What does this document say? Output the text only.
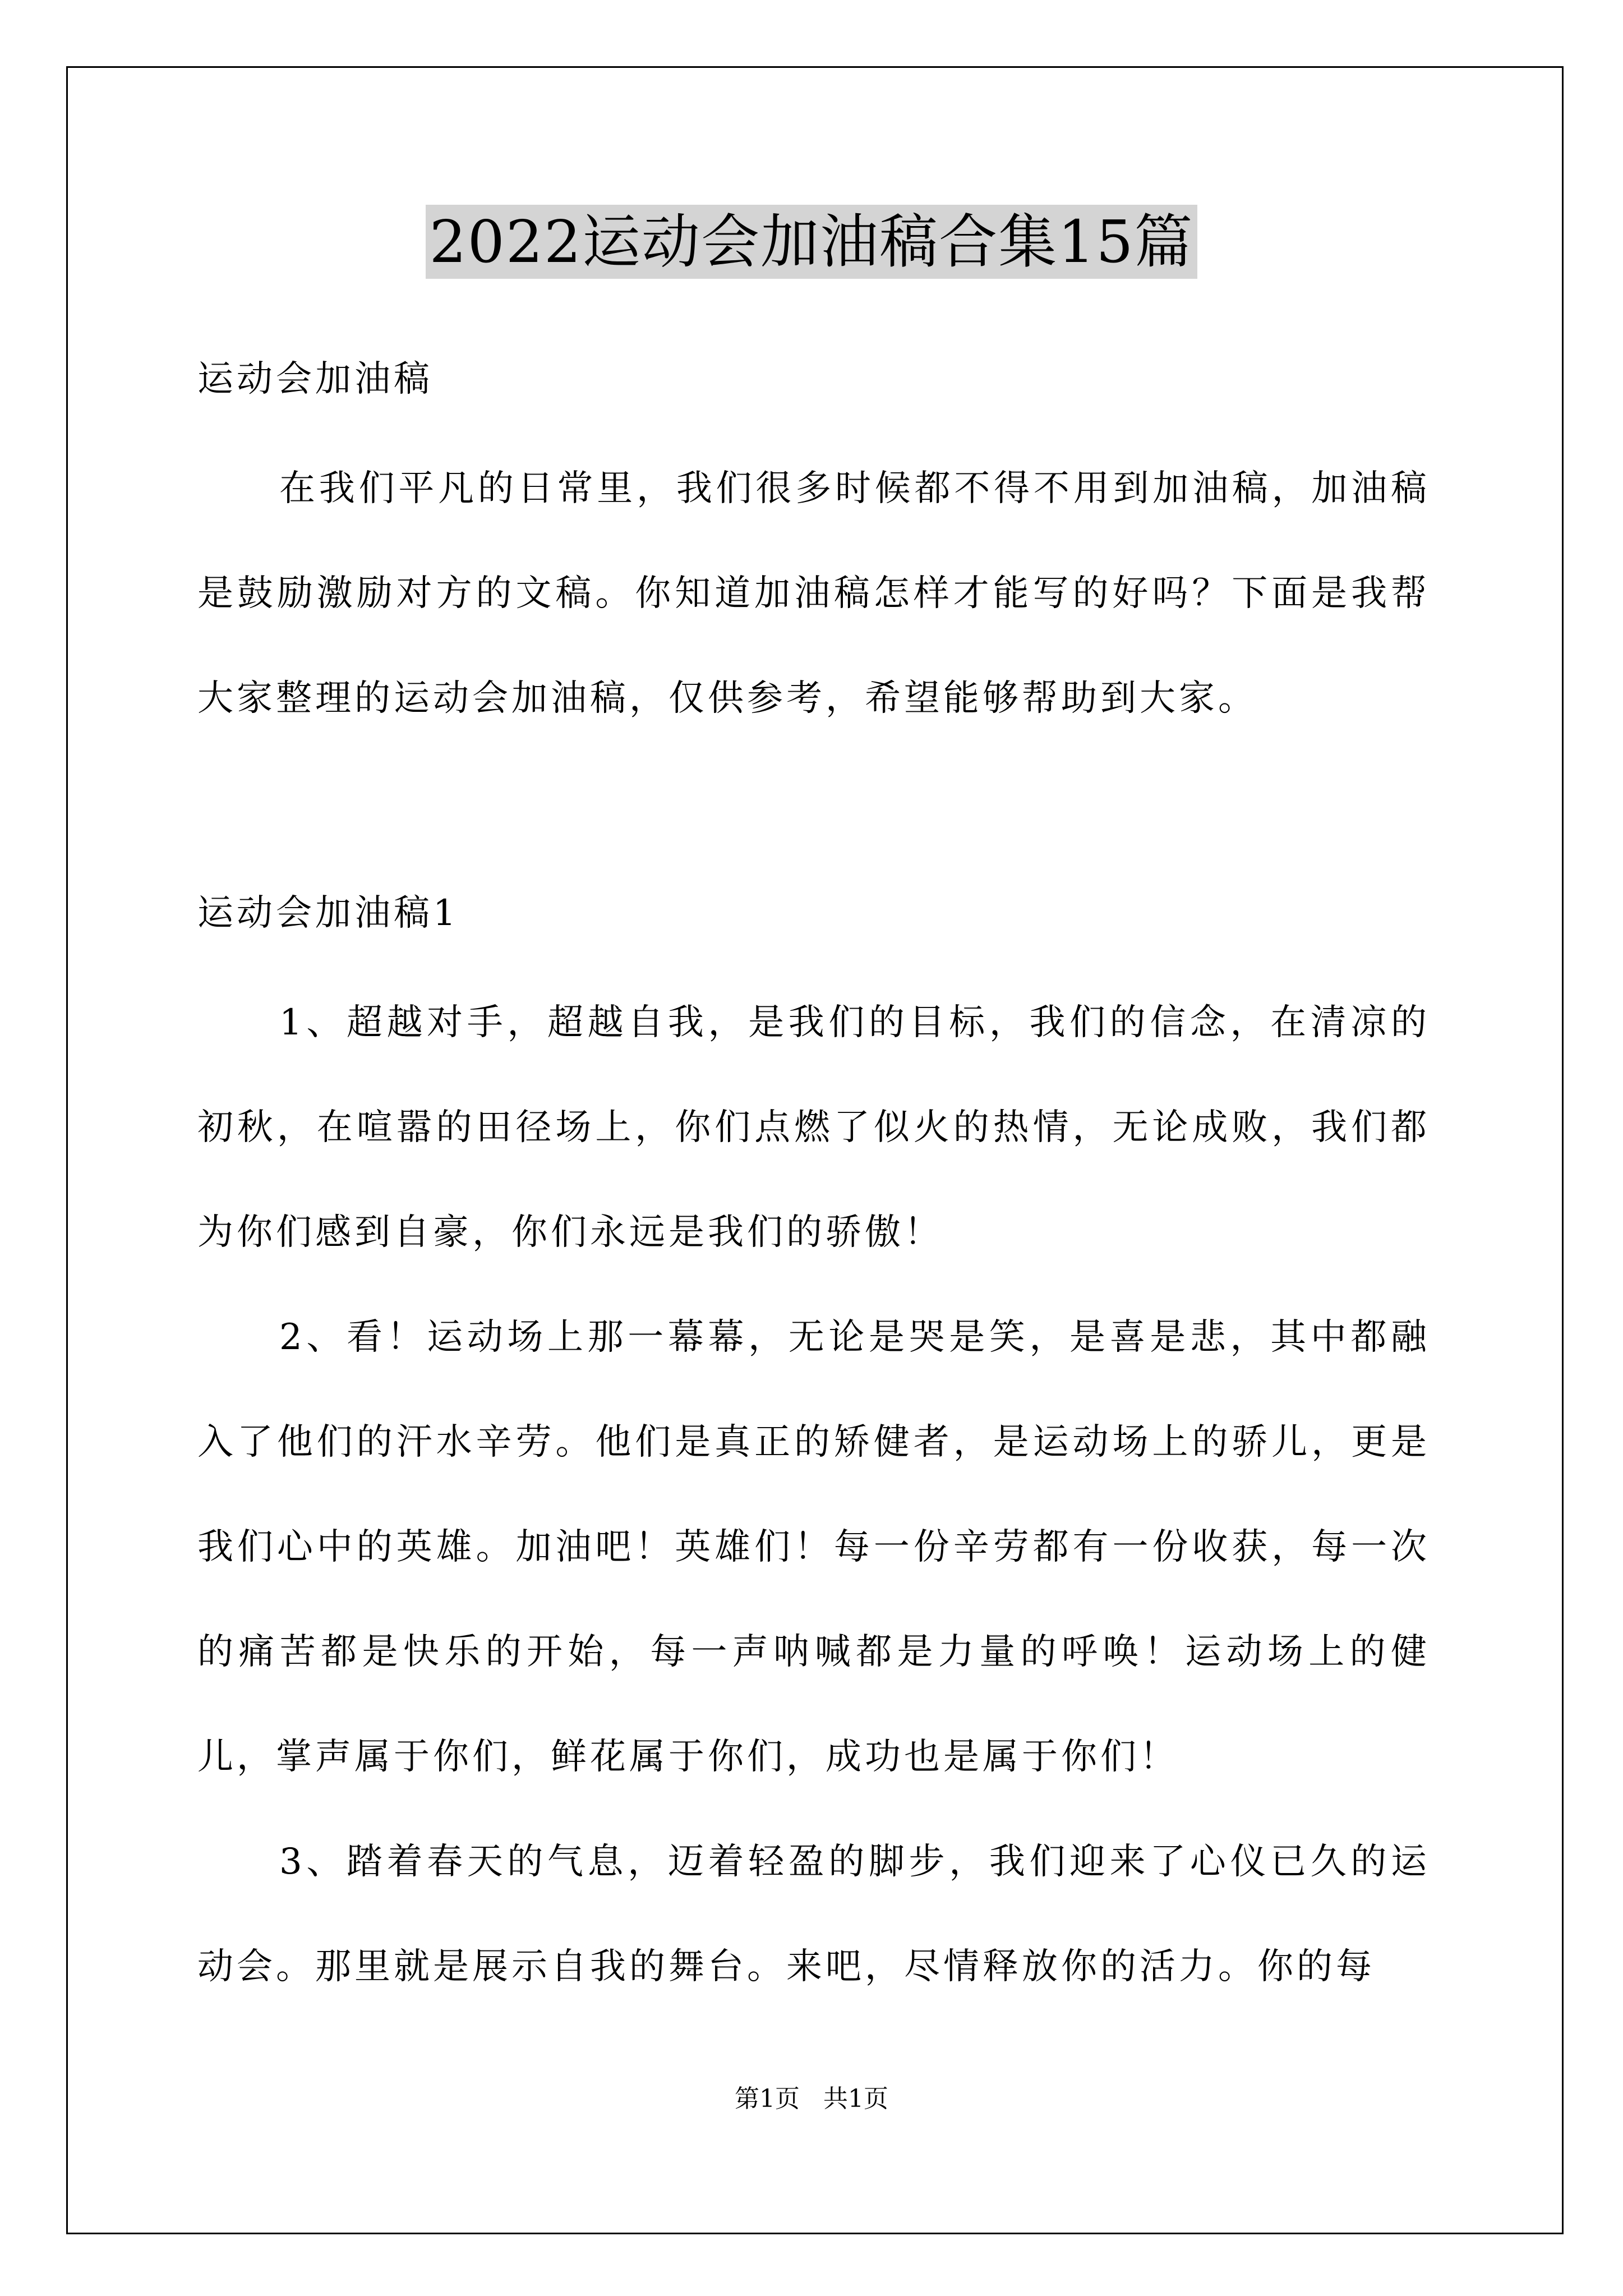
2022运动会加油稿合集15篇
运动会加油稿

在我们平凡的日常里，我们很多时候都不得不用到加油稿，加油稿是鼓励激励对方的文稿。你知道加油稿怎样才能写的好吗？下面是我帮大家整理的运动会加油稿，仅供参考，希望能够帮助到大家。

运动会加油稿1

1、超越对手，超越自我，是我们的目标，我们的信念，在清凉的初秋，在喧嚣的田径场上，你们点燃了似火的热情，无论成败，我们都为你们感到自豪，你们永远是我们的骄傲！

2、看！运动场上那一幕幕，无论是哭是笑，是喜是悲，其中都融入了他们的汗水辛劳。他们是真正的矫健者，是运动场上的骄儿，更是我们心中的英雄。加油吧！英雄们！每一份辛劳都有一份收获，每一次的痛苦都是快乐的开始，每一声呐喊都是力量的呼唤！运动场上的健儿，掌声属于你们，鲜花属于你们，成功也是属于你们！

3、踏着春天的气息，迈着轻盈的脚步，我们迎来了心仪已久的运动会。那里就是展示自我的舞台。来吧，尽情释放你的活力。你的每

第1页   共1页
